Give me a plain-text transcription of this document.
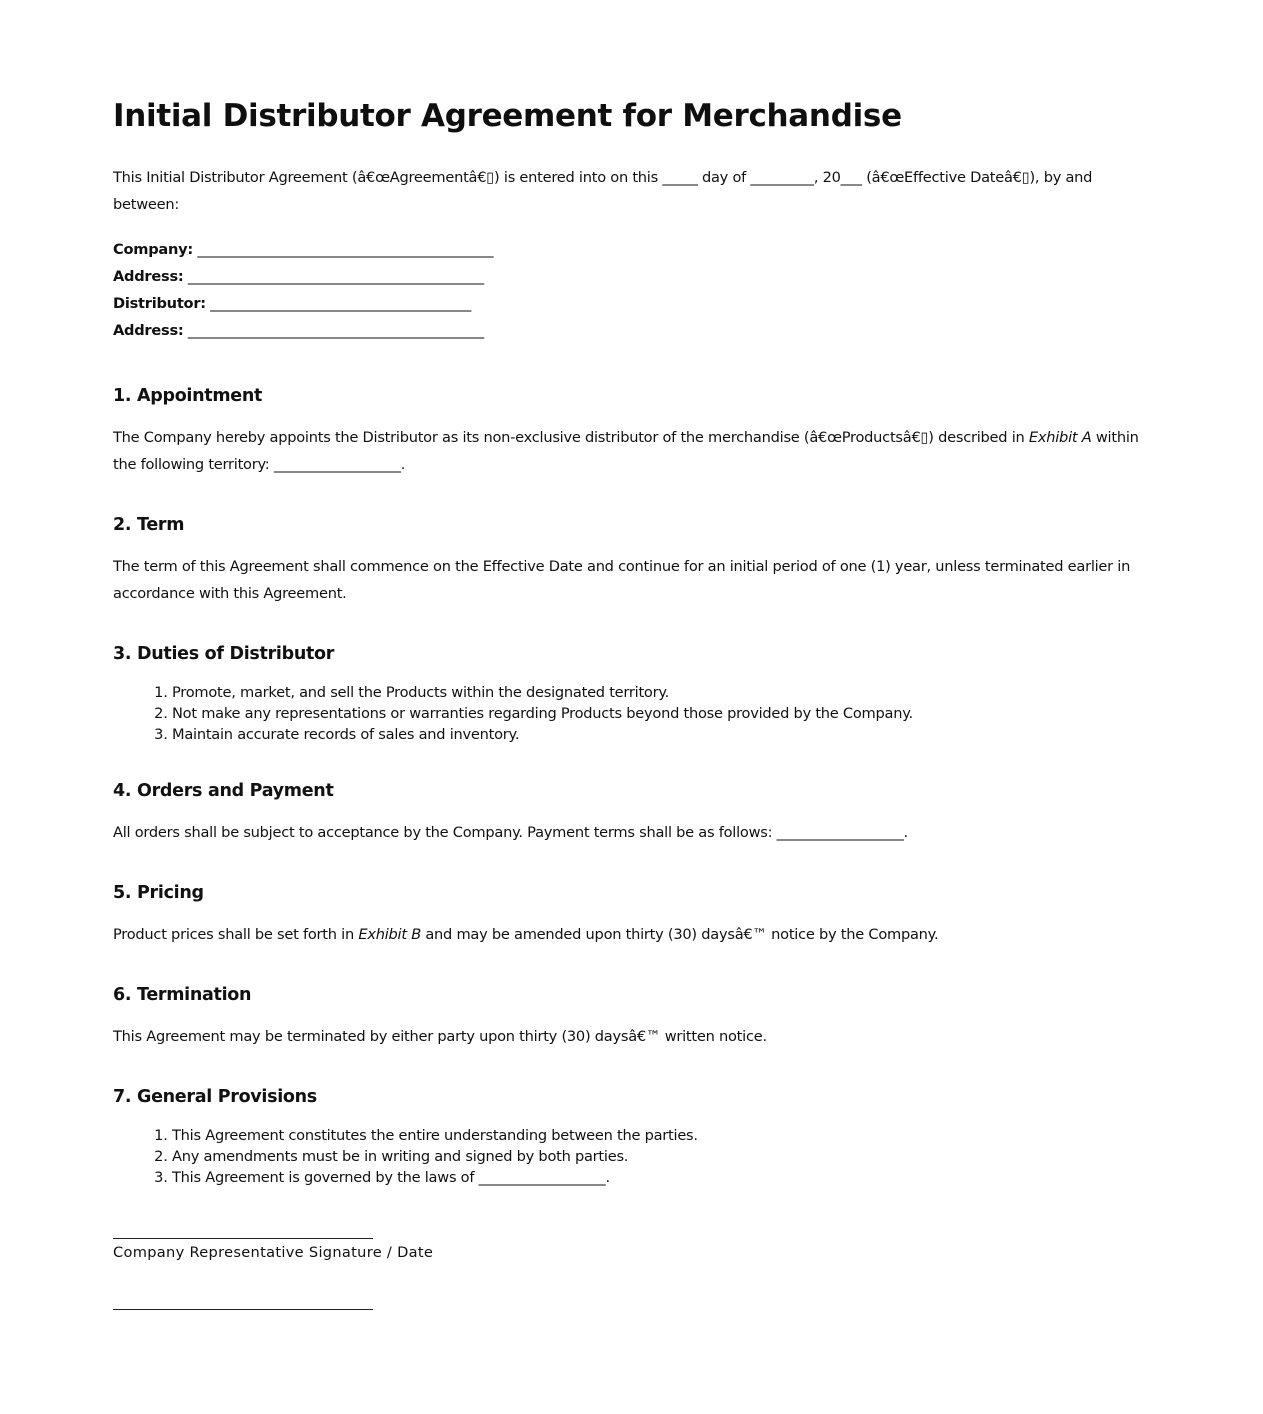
Initial Distributor Agreement for Merchandise

This Initial Distributor Agreement (â€œAgreementâ€▯) is entered into on this _____ day of _________, 20___ (â€œEffective Dateâ€▯), by and between:

Company: __________________________________________
Address: __________________________________________
Distributor: _____________________________________
Address: __________________________________________
1. Appointment

The Company hereby appoints the Distributor as its non-exclusive distributor of the merchandise (â€œProductsâ€▯) described in Exhibit A within the following territory: __________________.

2. Term

The term of this Agreement shall commence on the Effective Date and continue for an initial period of one (1) year, unless terminated earlier in accordance with this Agreement.

3. Duties of Distributor
1. Promote, market, and sell the Products within the designated territory.
2. Not make any representations or warranties regarding Products beyond those provided by the Company.
3. Maintain accurate records of sales and inventory.
4. Orders and Payment

All orders shall be subject to acceptance by the Company. Payment terms shall be as follows: __________________.

5. Pricing

Product prices shall be set forth in Exhibit B and may be amended upon thirty (30) daysâ€™ notice by the Company.

6. Termination

This Agreement may be terminated by either party upon thirty (30) daysâ€™ written notice.

7. General Provisions
1. This Agreement constitutes the entire understanding between the parties.
2. Any amendments must be in writing and signed by both parties.
3. This Agreement is governed by the laws of __________________.
Company Representative Signature / Date
